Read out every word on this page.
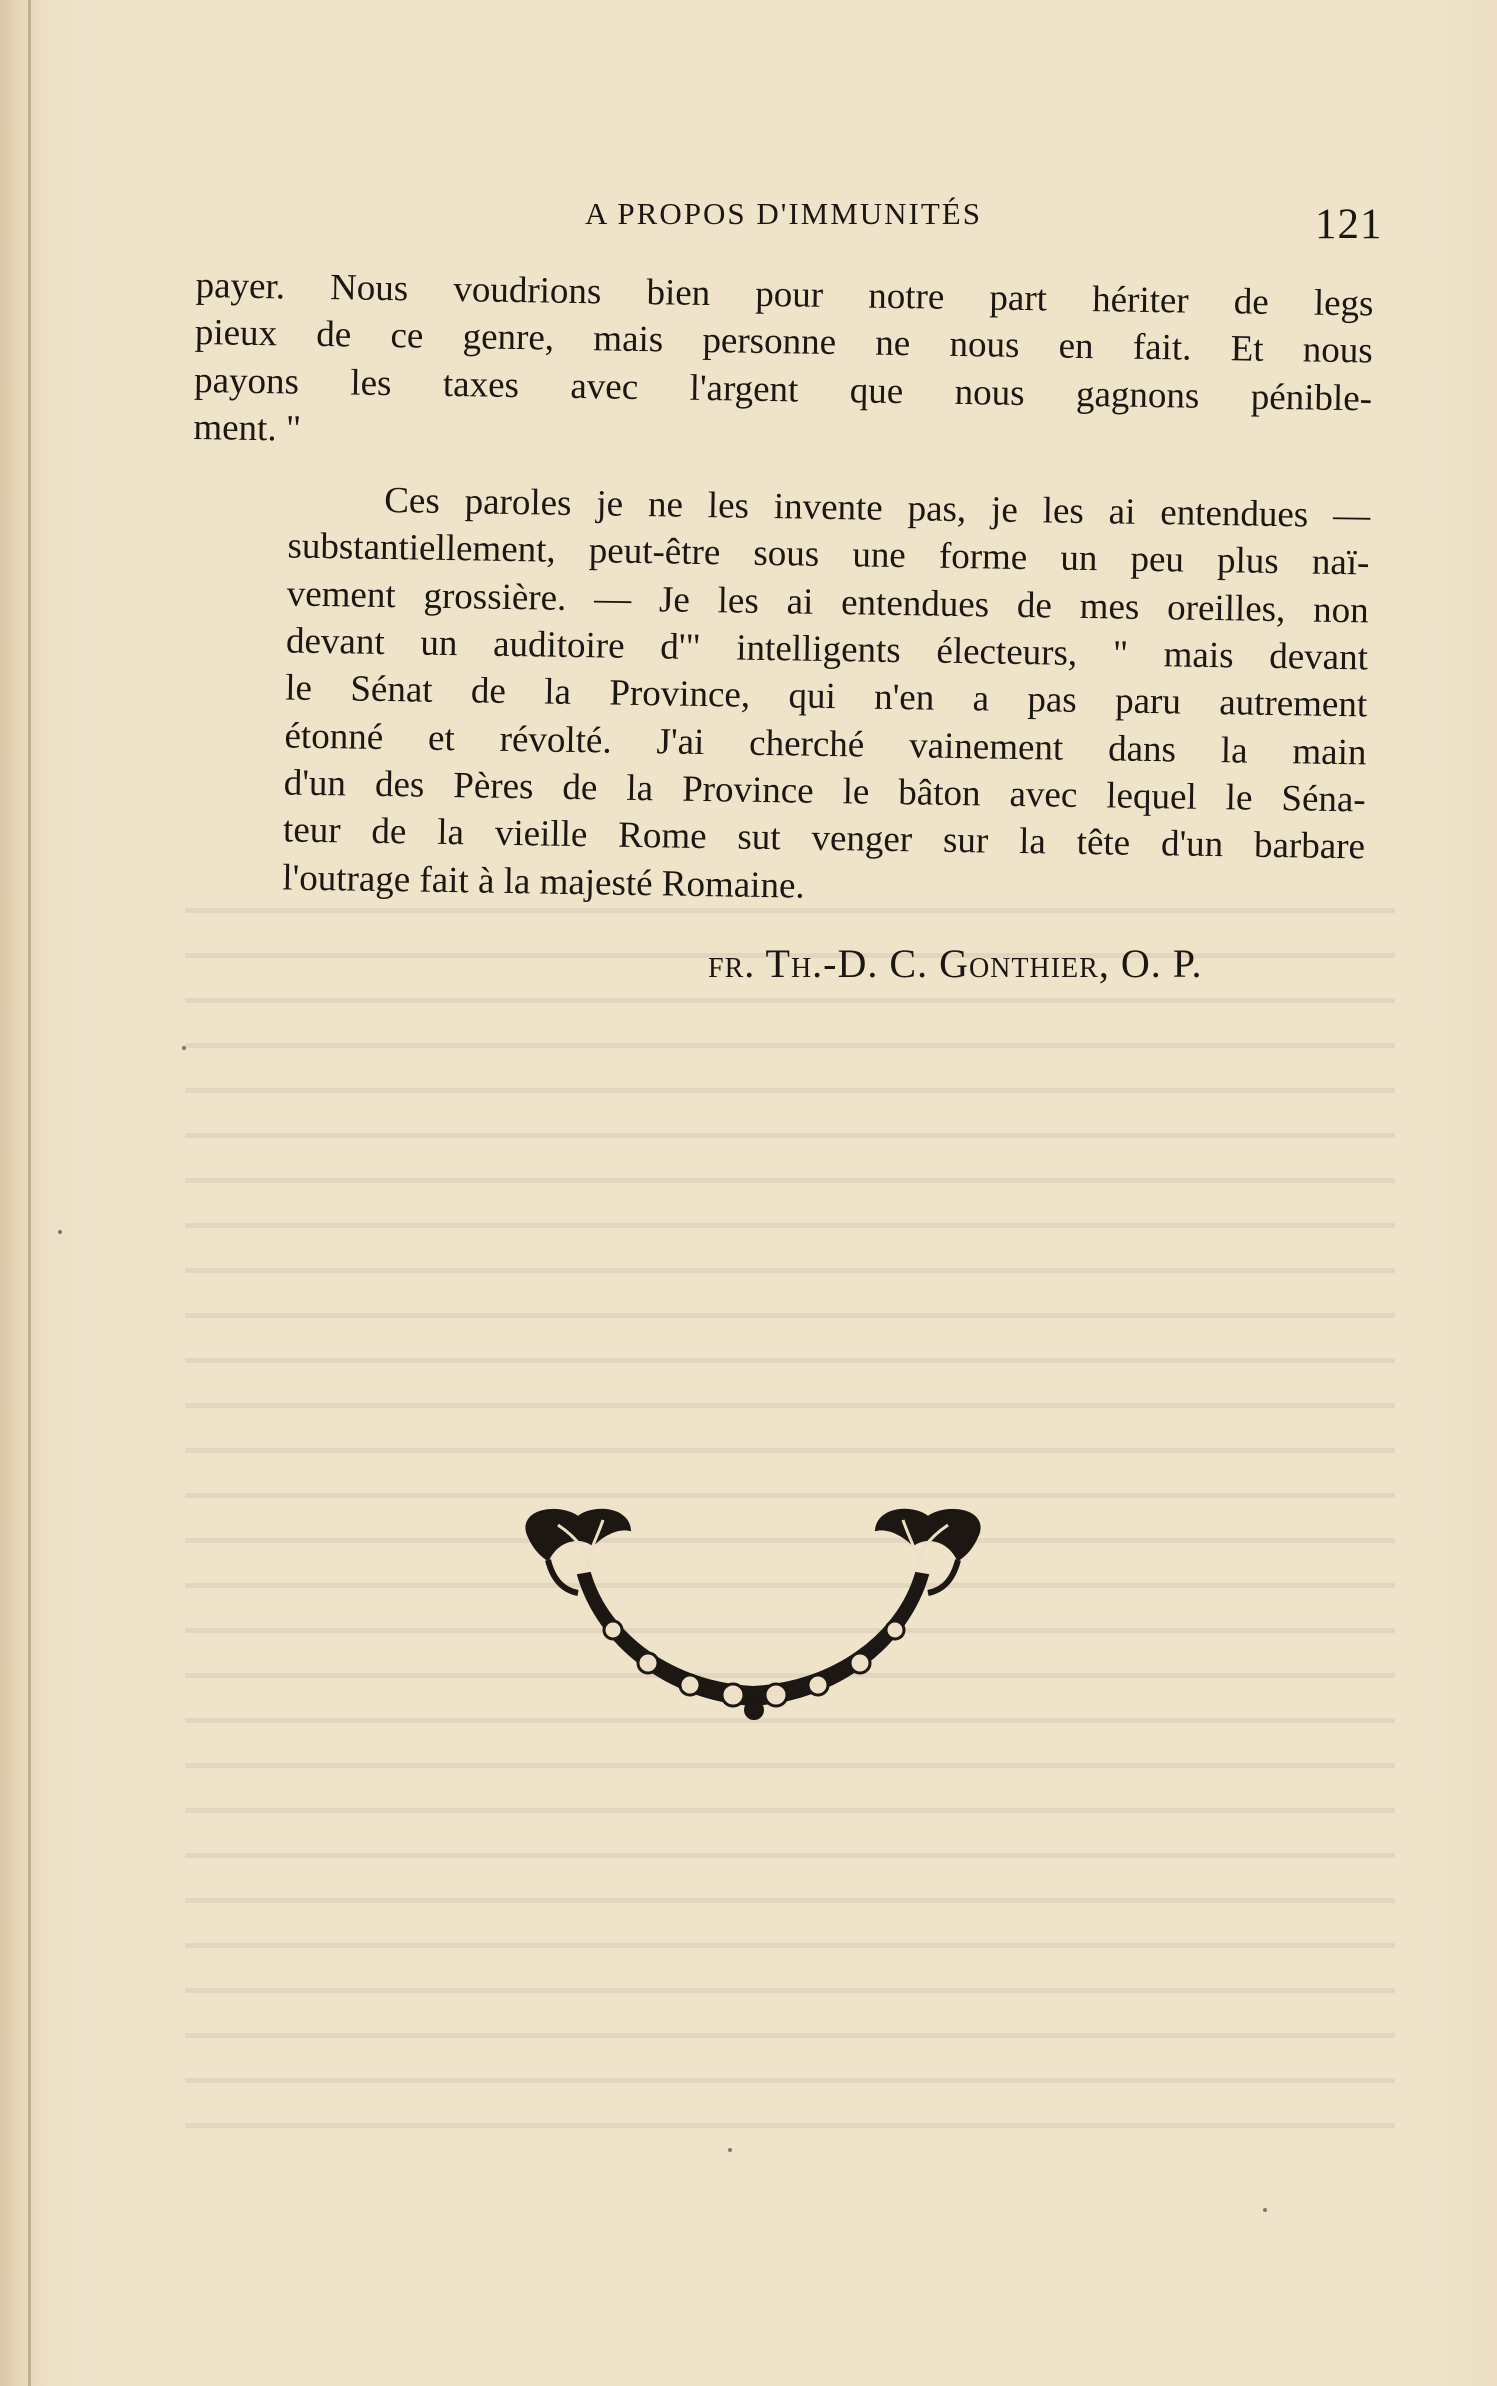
A PROPOS D'IMMUNITÉS	121

payer. Nous voudrions bien pour notre part hériter de legs
pieux de ce genre, mais personne ne nous en fait. Et nous
payons les taxes avec l'argent que nous gagnons pénible-
ment. "

Ces paroles je ne les invente pas, je les ai entendues —
substantiellement, peut-être sous une forme un peu plus naï-
vement grossière. — Je les ai entendues de mes oreilles, non
devant un auditoire d'" intelligents électeurs, " mais devant
le Sénat de la Province, qui n'en a pas paru autrement
étonné et révolté. J'ai cherché vainement dans la main
d'un des Pères de la Province le bâton avec lequel le Séna-
teur de la vieille Rome sut venger sur la tête d'un barbare
l'outrage fait à la majesté Romaine.

fr. Th.-D. C. Gonthier, O. P.
